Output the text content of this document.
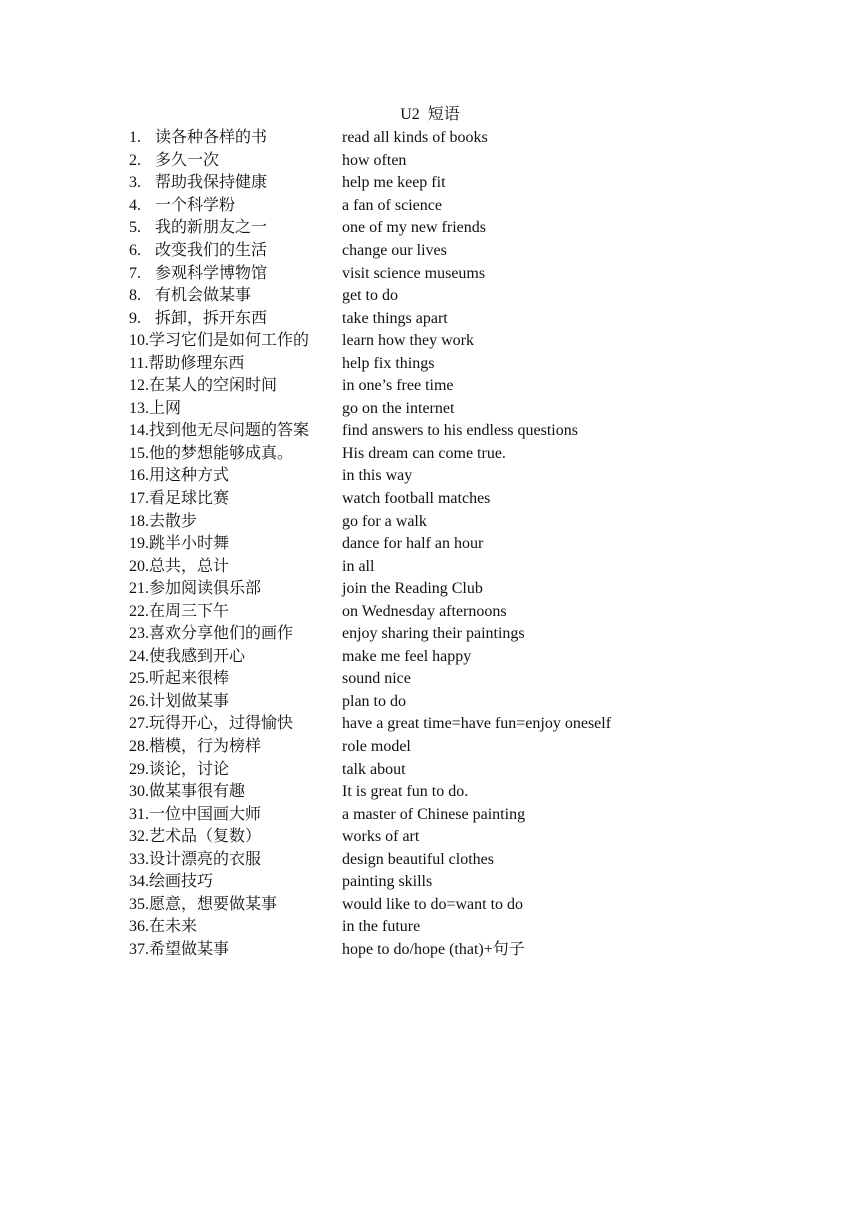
U2  短语
1. 读各种各样的书	read all kinds of books
2. 多久一次	how often
3. 帮助我保持健康	help me keep fit
4. 一个科学粉	a fan of science
5. 我的新朋友之一	one of my new friends
6. 改变我们的生活	change our lives
7. 参观科学博物馆	visit science museums
8. 有机会做某事	get to do
9. 拆卸，拆开东西	take things apart
10.学习它们是如何工作的	learn how they work
11.帮助修理东西	help fix things
12.在某人的空闲时间	in one’s free time
13.上网	go on the internet
14.找到他无尽问题的答案	find answers to his endless questions
15.他的梦想能够成真。	His dream can come true.
16.用这种方式	in this way
17.看足球比赛	watch football matches
18.去散步	go for a walk
19.跳半小时舞	dance for half an hour
20.总共，总计	in all
21.参加阅读俱乐部	join the Reading Club
22.在周三下午	on Wednesday afternoons
23.喜欢分享他们的画作	enjoy sharing their paintings
24.使我感到开心	make me feel happy
25.听起来很棒	sound nice
26.计划做某事	plan to do
27.玩得开心，过得愉快	have a great time=have fun=enjoy oneself
28.楷模，行为榜样	role model
29.谈论，讨论	talk about
30.做某事很有趣	It is great fun to do.
31.一位中国画大师	a master of Chinese painting
32.艺术品（复数）	works of art
33.设计漂亮的衣服	design beautiful clothes
34.绘画技巧	painting skills
35.愿意，想要做某事	would like to do=want to do
36.在未来	in the future
37.希望做某事	hope to do/hope (that)+句子
